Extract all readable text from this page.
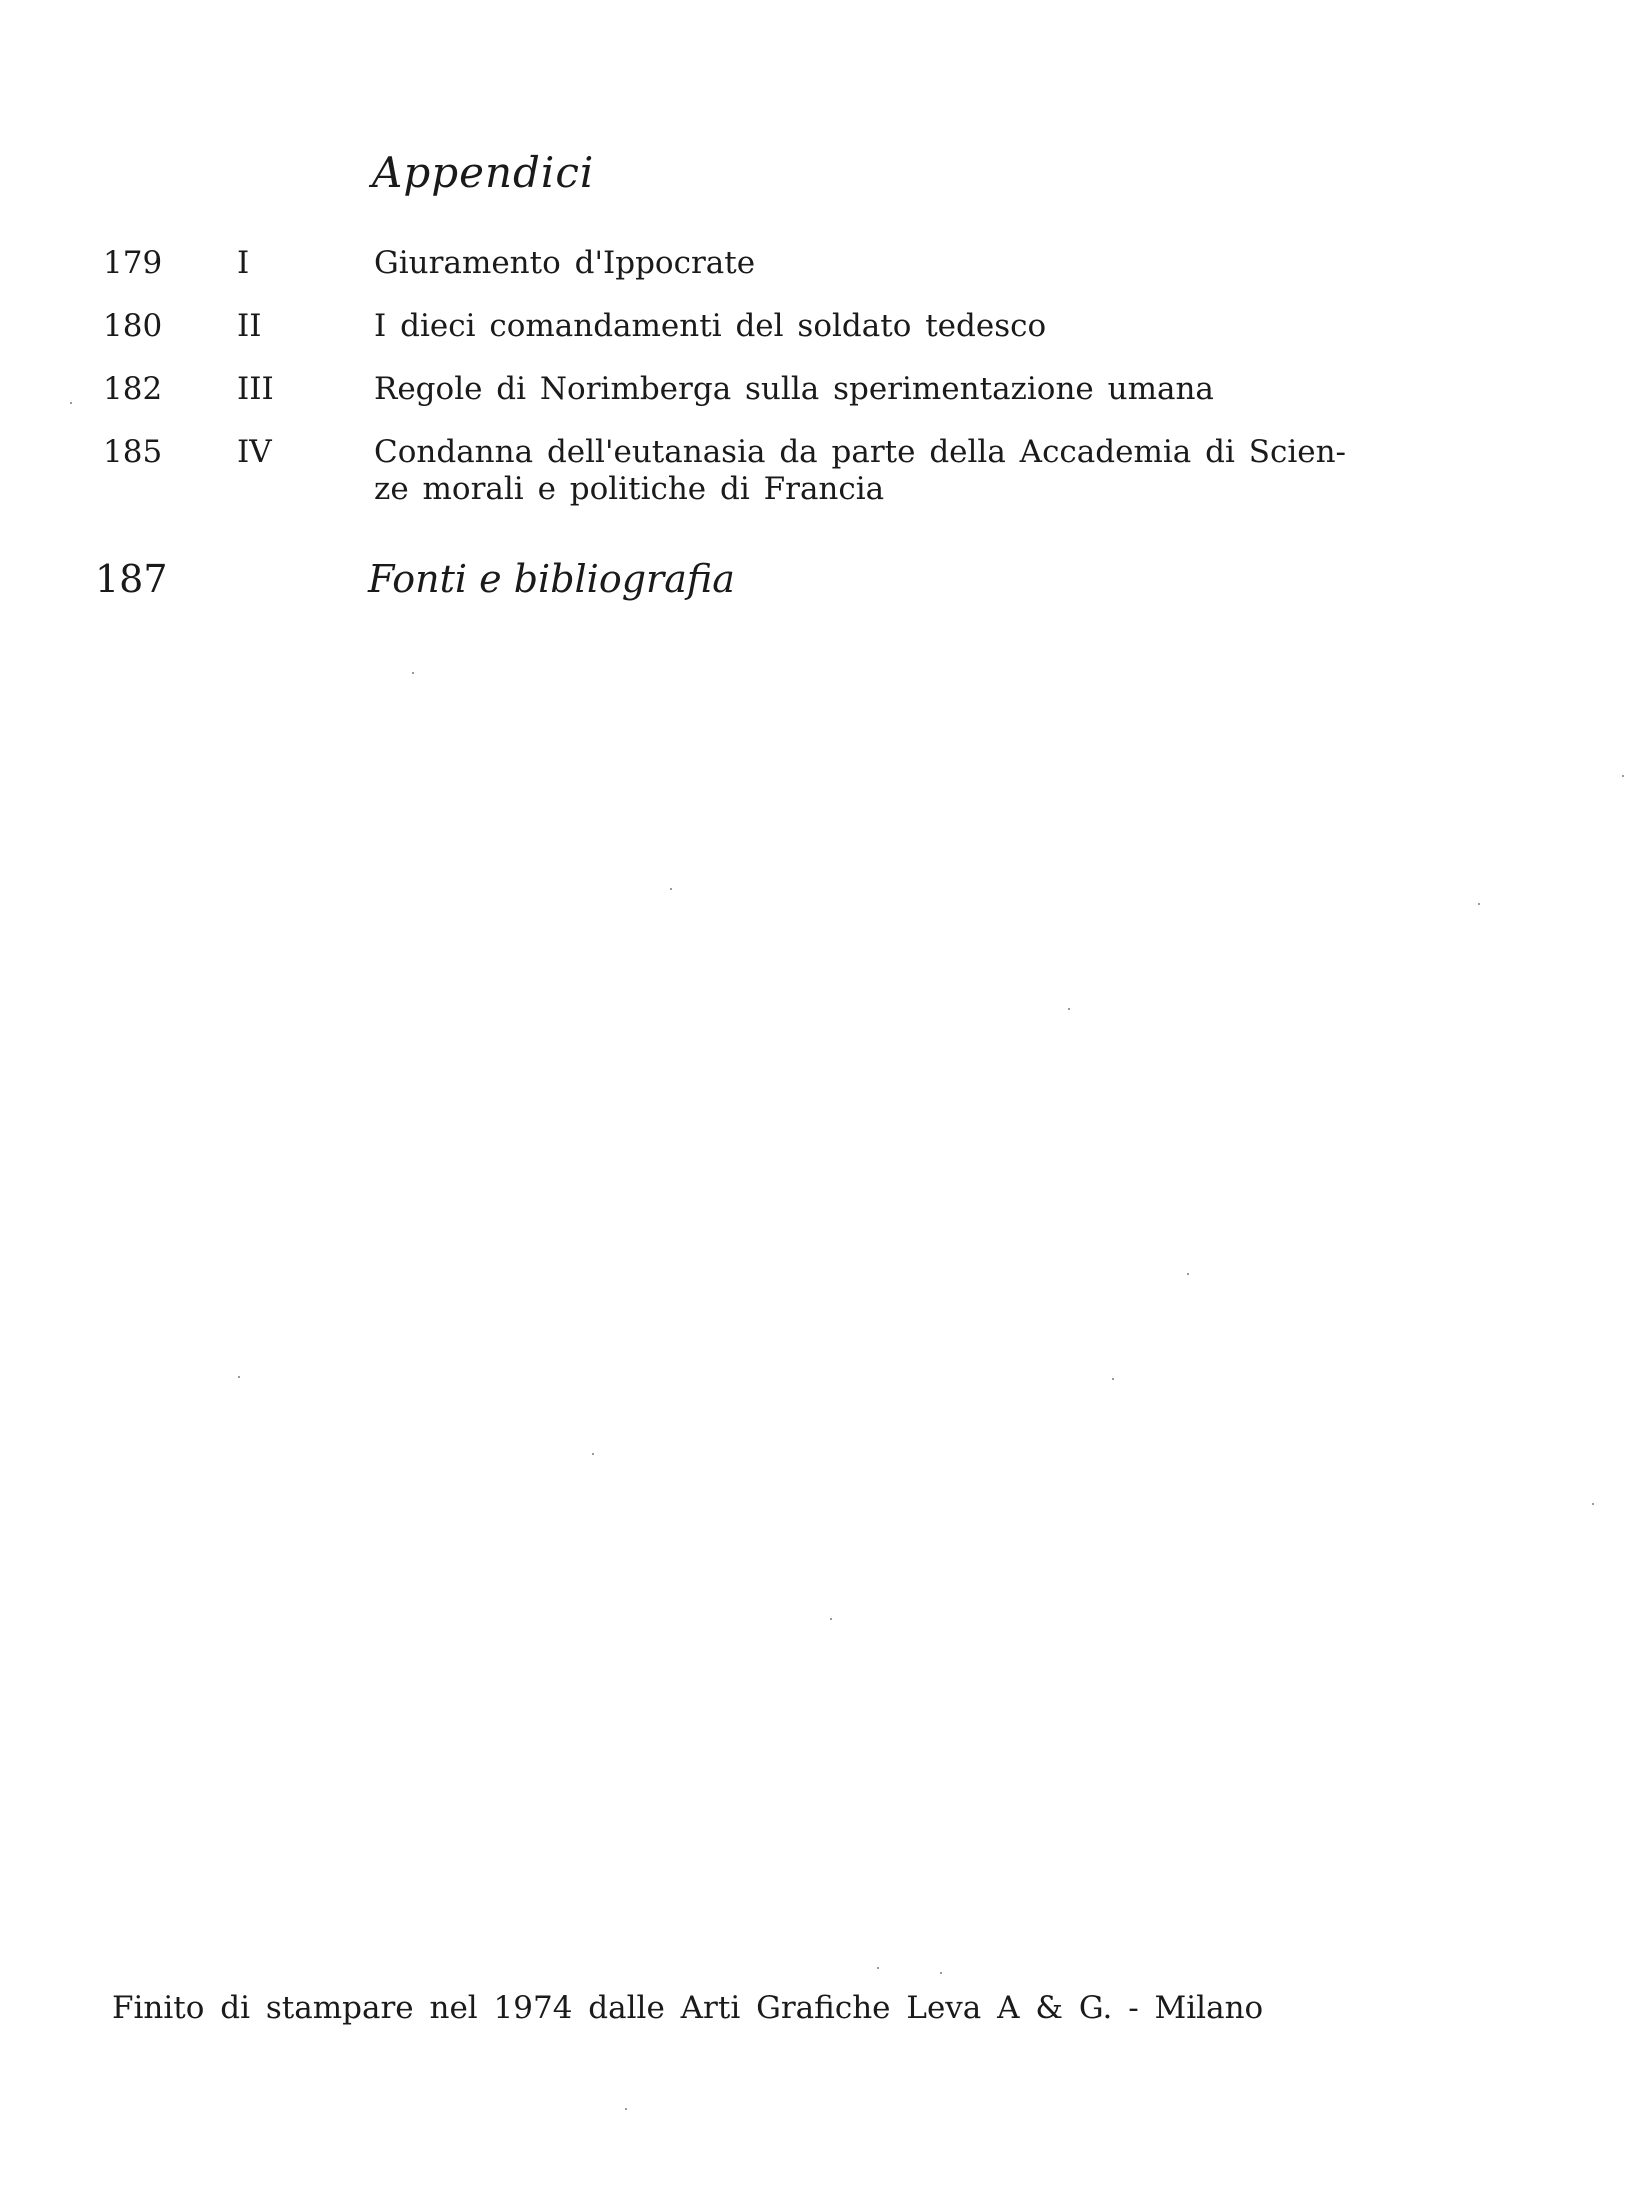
Appendici
179 I	Giuramento d'Ippocrate
180 II	I dieci comandamenti del soldato tedesco
182 III	Regole di Norimberga sulla sperimentazione umana
185 IV	Condanna dell'eutanasia da parte della Accademia di Scien-
ze morali e politiche di Francia
187	Fonti e bibliografia
Finito di stampare nel 1974 dalle Arti Grafiche Leva A & G. - Milano
